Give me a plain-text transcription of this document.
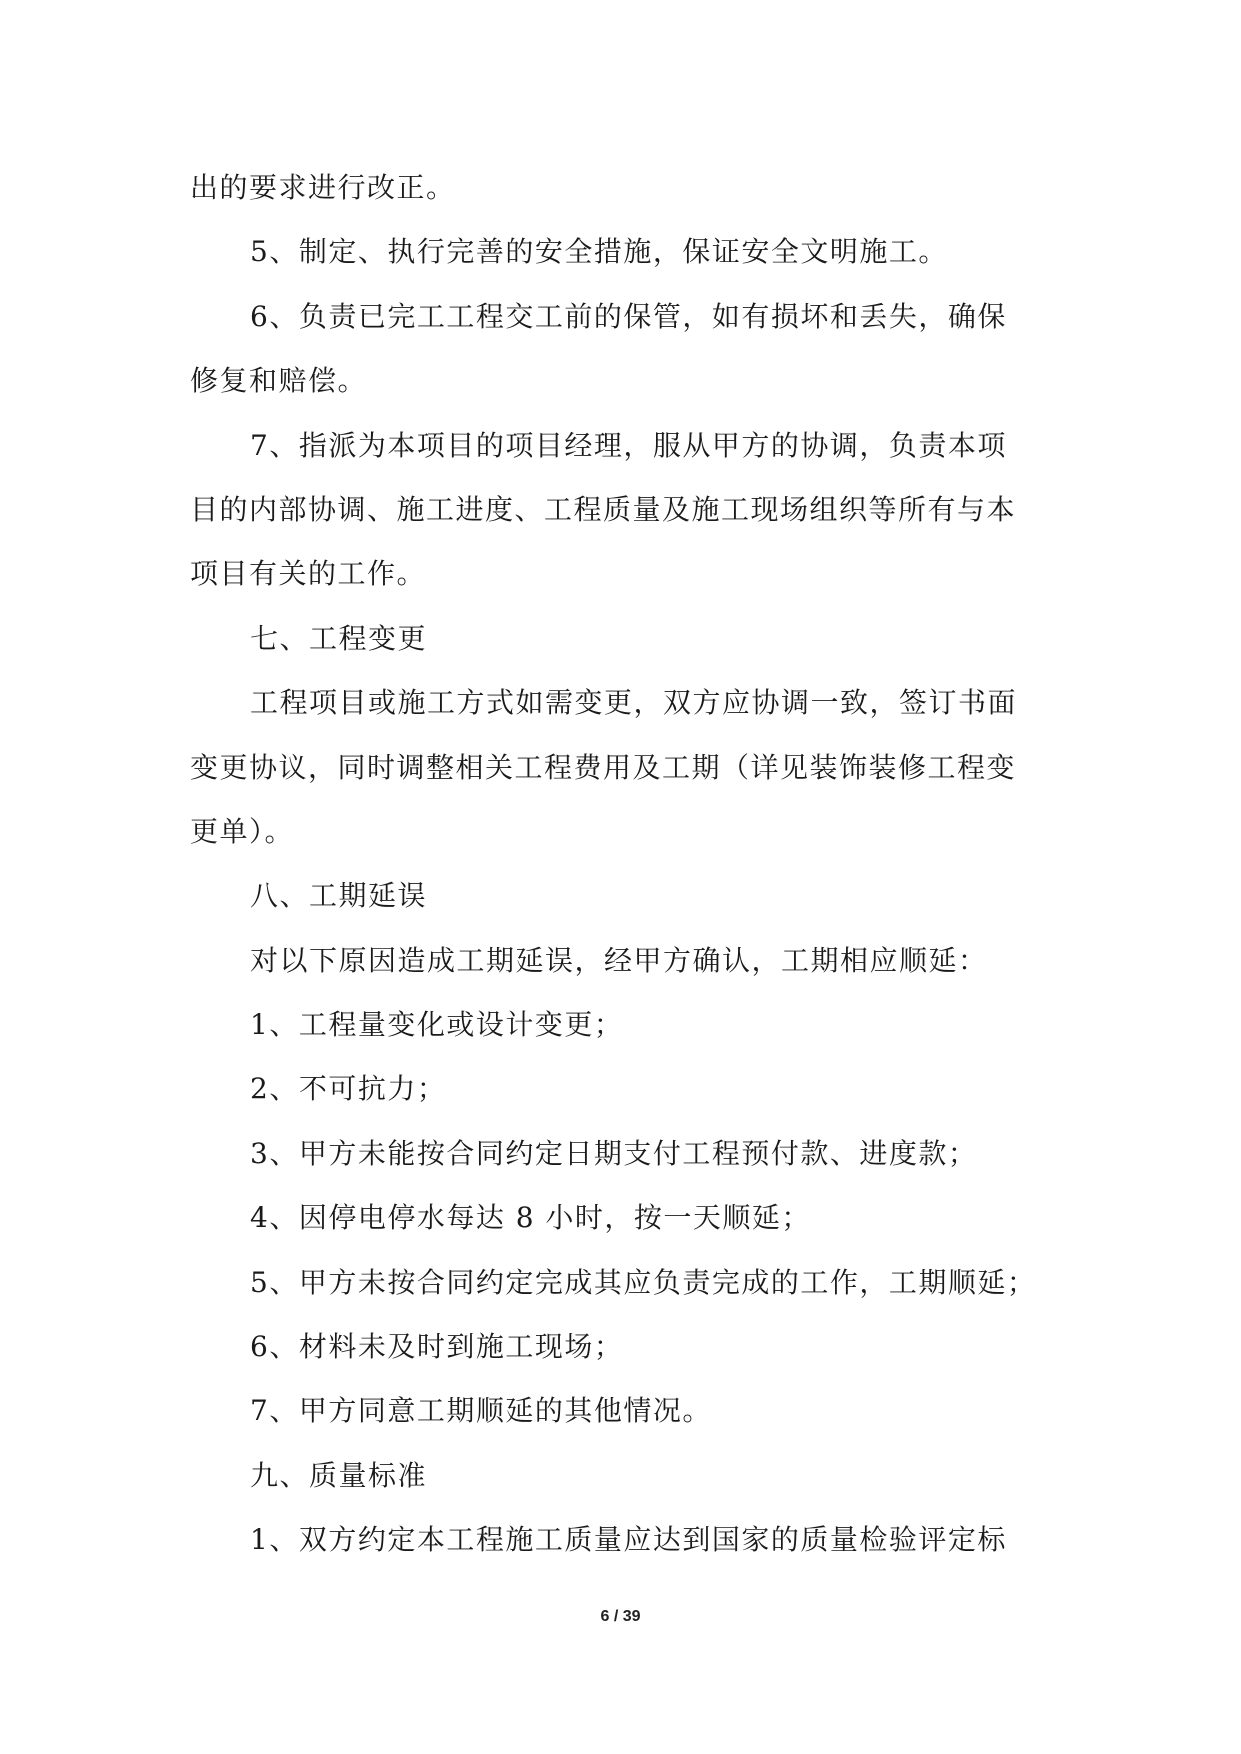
出的要求进行改正。
5、制定、执行完善的安全措施，保证安全文明施工。
6、负责已完工工程交工前的保管，如有损坏和丢失，确保
修复和赔偿。
7、指派为本项目的项目经理，服从甲方的协调，负责本项
目的内部协调、施工进度、工程质量及施工现场组织等所有与本
项目有关的工作。
七、工程变更
工程项目或施工方式如需变更，双方应协调一致，签订书面
变更协议，同时调整相关工程费用及工期（详见装饰装修工程变
更单）。
八、工期延误
对以下原因造成工期延误，经甲方确认，工期相应顺延：
1、工程量变化或设计变更；
2、不可抗力；
3、甲方未能按合同约定日期支付工程预付款、进度款；
4、因停电停水每达 8 小时，按一天顺延；
5、甲方未按合同约定完成其应负责完成的工作，工期顺延；
6、材料未及时到施工现场；
7、甲方同意工期顺延的其他情况。
九、质量标准
1、双方约定本工程施工质量应达到国家的质量检验评定标
6 / 39
